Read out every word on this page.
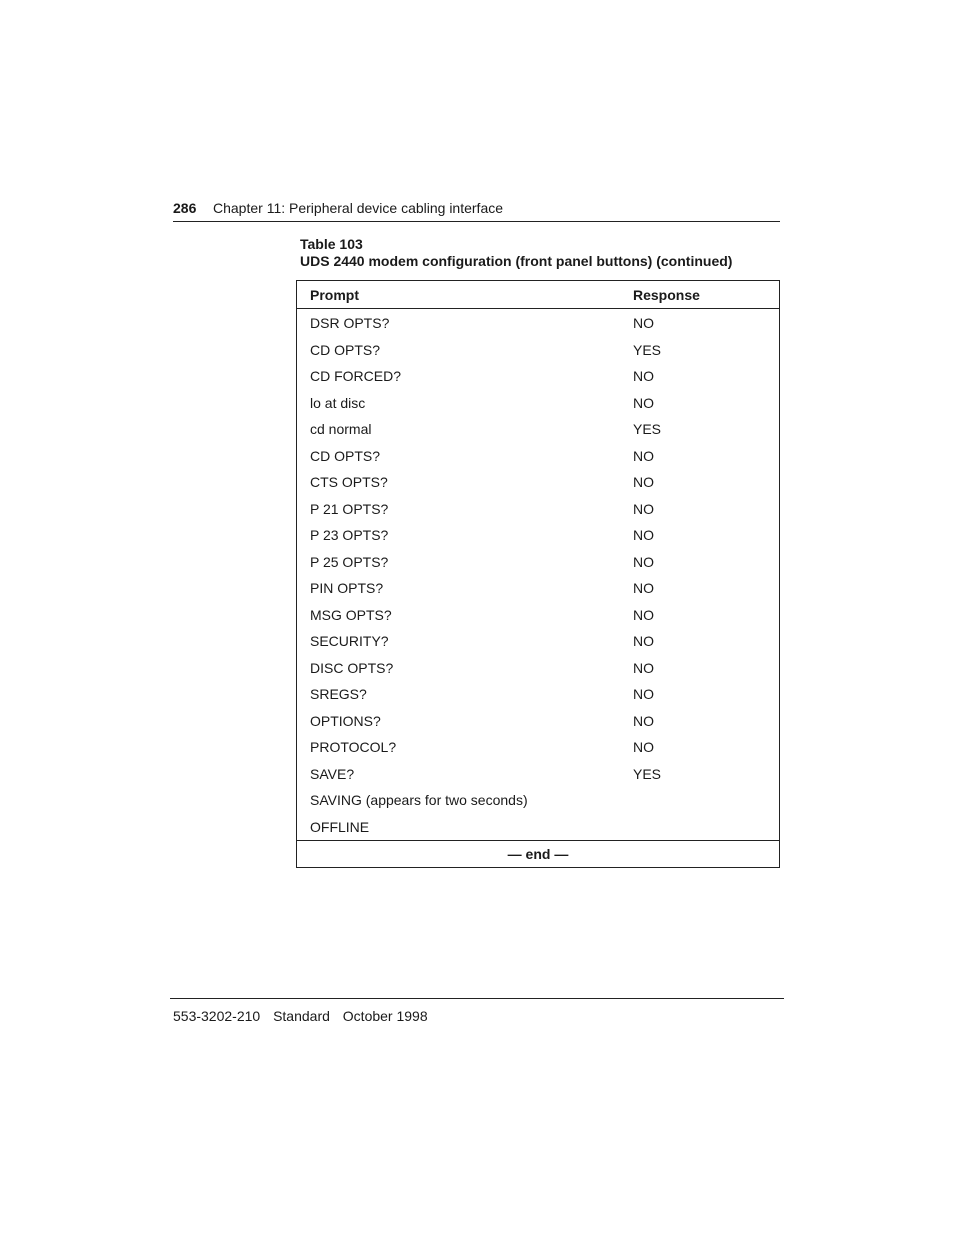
286 Chapter 11: Peripheral device cabling interface
Table 103
UDS 2440 modem configuration (front panel buttons) (continued)
Prompt	Response
DSR OPTS?	NO
CD OPTS?	YES
CD FORCED?	NO
lo at disc	NO
cd normal	YES
CD OPTS?	NO
CTS OPTS?	NO
P 21 OPTS?	NO
P 23 OPTS?	NO
P 25 OPTS?	NO
PIN OPTS?	NO
MSG OPTS?	NO
SECURITY?	NO
DISC OPTS?	NO
SREGS?	NO
OPTIONS?	NO
PROTOCOL?	NO
SAVE?	YES
SAVING (appears for two seconds)
OFFLINE
— end —
553-3202-210 Standard October 1998
